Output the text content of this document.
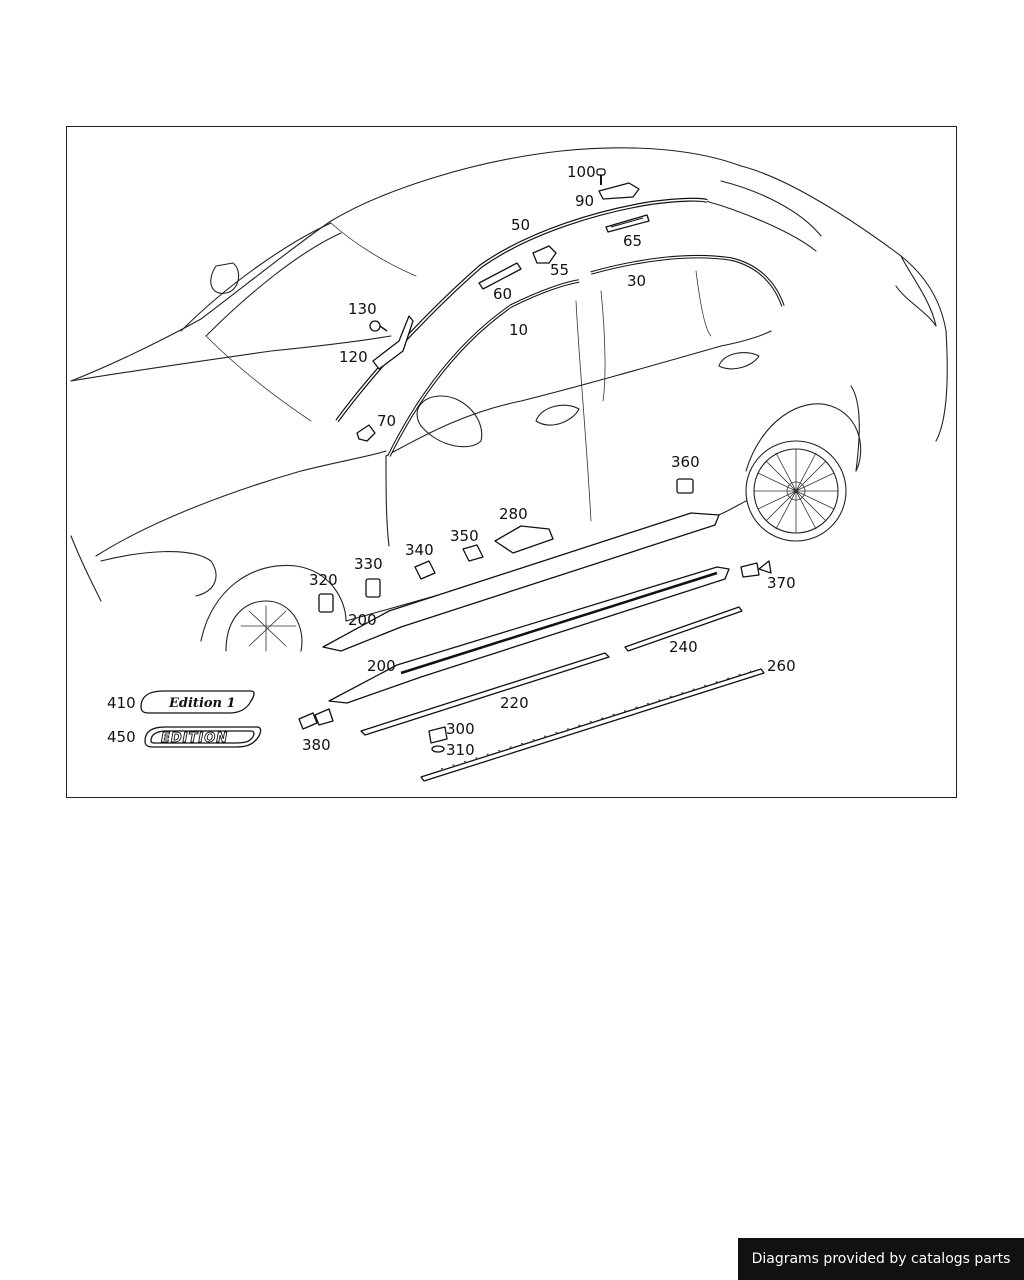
Edition 1
EDITION
10
30
50
55
60
65
70
90
100
120
130
200
200
220
240
260
280
300
310
320
330
340
350
360
370
380
410
450
Diagrams provided by catalogs parts
